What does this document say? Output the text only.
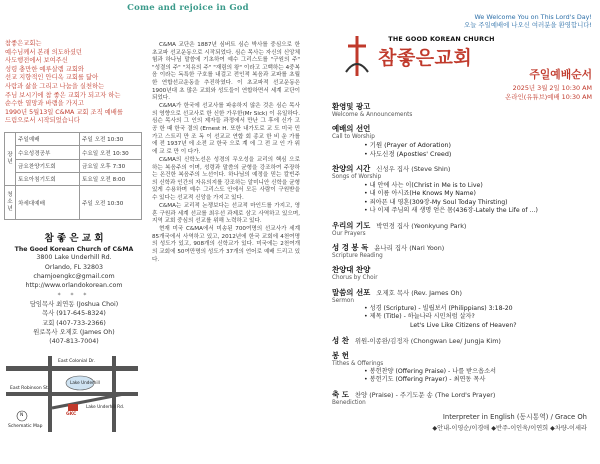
Come and rejoice in God
참좋은교회는
예수님께서 본래 의도하셨던
사도행전에서 보여주신
성령 충만한 예루살렘 교회와
선교 지향적인 안디옥 교회를 닮아
사람과 삶을 그리고 나눔을 실천하는
주님 보시기에 참 좋은 교회가 되고자 하는
순수한 열망과 바램을 가지고
1990년 5월13일 C&MA 교회 조직 예배를
드림으로서 시작되었습니다
장년	주일예배	주일 오전 10:30
	수요성경공부	수요일 오전 10:30
	금요찬양기도회	금요일 오후 7:30
	토요아침기도회	토요일 오전 8:00
청소년	차세대예배	주일 오전 10:30
참 좋 은 교 회
The Good Korean Church of C&MA
3800 Lake Underhill Rd.
Orlando, FL 32803
chamjoengkc@gmail.com
http://www.orlandokorean.com
* * *
담임목사 최연동 (Joshua Choi)
목사 (917-645-8324)
교회 (407-733-2366)
원로목사 오제호 (James Oh)
(407-813-7004)
East Colonial Dr.
East Robinson St.
Lake Underhill
Lake Underhill Rd.
GKC
N
Schematic Map

C&MA 교단은 1887년 심버트 심슨 박사를 중심으로 한 초교파 선교운동으로 시작되었다. 심슨 목사는 자신의 신앙체험과 하나님 말씀에 기초하여 예수 그리스도를 "구원의 주" "성결의 주" "치유의 주" "재림의 왕" 이라고 고백하는 4중복음 이라는 독특한 구호를 내걸고 전인적 복음과 교파를 초월한 연합선교운동을 추진하였다. 이 초교파적 선교운동은 1900년대 초 많은 교회와 성도들이 연합하면서 세계 교단이 되었다.

C&MA가 한국에 선교사를 파송하지 않은 것은 심슨 목사의 영향으로 선교사로 한 신한 가우한(Mr Sick) 이 유일하다. 심슨 목사의 그 인의 제자들 과정에서 만난 그 후에 신가 고 공 한 때 한국 결의 (Ernest H. 또한 내가도로 교 도 미국 민 가고 스트리 만 조 독 이 선교교 연합 회 종교 한 비 운 가를 에 전 1937년 에 소전 교 한국 으로 계 에 그 전 교 인 가 위 에 교 로 만 이 다가.

C&MA의 신학노선은 성경의 무오성을 교리의 핵심 으로 하는 복음주의 이며, 성령과 말씀의 균형을 강조하여 주장하는 온건한 복음주의 노선이다. 하나님의 예정을 믿는 칼빈주의 신학과 인간의 자유의지를 강조하는 알미니안 신학을 균형있게 수용하며 예수 그리스도 안에서 모든 사람이 구원받을 수 있다는 선교적 신앙을 가지고 있다.

C&MA는 교리적 논쟁보다는 선교적 마인드를 가지고, 영혼 구원과 세계 선교를 최우선 과제로 삼고 사역하고 있으며, 지역 교회 중심의 선교를 위해 노력하고 있다.

현재 미국 C&MA에서 미송된 700여명의 선교사가 세계 85개국에서 사역하고 있고, 2012년에 한국 교회에 4천여명의 성도가 있고, 908개의 신학교가 있다. 미국에는 2천여개의 교회에 50여만명의 성도가 37개의 언어로 예배 드리고 있다.

We Welcome You on This Lord's Day!
오늘 주일예배에 나오신 여러분을 환영합니다!
THE GOOD KOREAN CHURCH
참좋은교회
주일예배순서
2025년 3월 2일 10:30 AM
온라인(유튜브)예배 10:30 AM
환영및 광고
Welcome & Announcements
예배의 선언
Call to Worship
• 기원 (Prayer of Adoration)
• 사도신경 (Apostles' Creed)
찬양의 시간 신성우 집사 (Steve Shin)
Songs of Worship
• 내 안에 사는 이(Christ in Me is to Live)
• 내 이름 아시죠(He Knows My Name)
• 죄아픈 내 영혼(309장-My Soul Today Thirsting)
• 나 이제 주님의 새 생명 얻은 몸(436장-Lately the Life of ...)
우리의 기도 박연경 집사 (Yeonkyung Park)
Our Prayers
성 경 봉 독 윤나리 집사 (Nari Yoon)
Scripture Reading
찬양대 찬양
Chorus by Choir
말씀의 선포 오제호 목사 (Rev. James Oh)
Sermon
• 성경 (Scripture) - 빌립보서 (Philippians) 3:18-20
• 제목 (Title) - 하늘나라 시민처럼 살자?
Let's Live Like Citizens of Heaven?
성 찬 위원-이종완/김정자 (Chongwan Lee/ Jungja Kim)
봉 헌
Tithes & Offerings
• 봉헌찬양 (Offering Praise) - 나를 받으옵소서
• 봉헌기도 (Offering Prayer) - 최연동 목사
축 도 찬양 (Praise) - 주기도문 송 (The Lord's Prayer)
Benediction
Interpreter in English (동시통역) / Grace Oh
◆안내-이영순/이경애 ◆반주-이인욱/이연희 ◆차량-이세라
